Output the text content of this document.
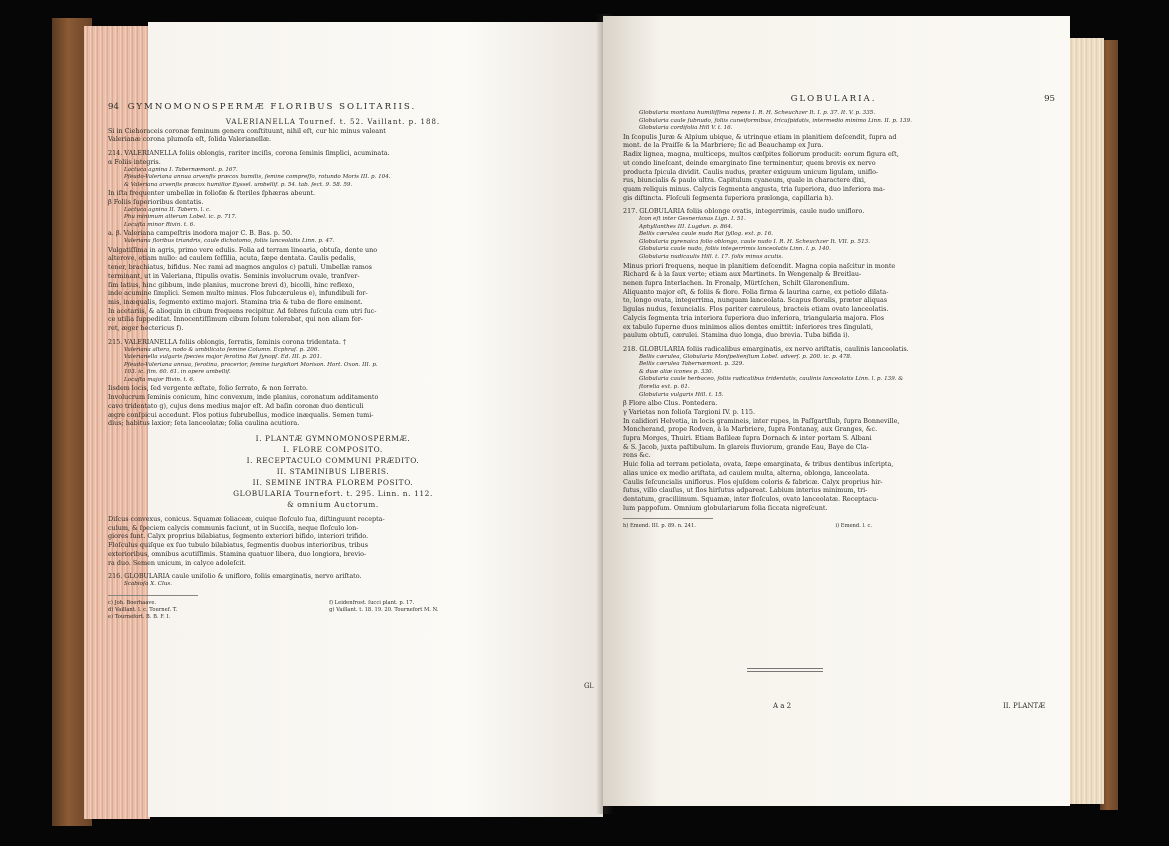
94 GYMNOMONOSPERMÆ FLORIBUS SOLITARIIS.
VALERIANELLA Tournef. t. 52. Vaillant. p. 188.
Si in Ciehoraceis coronæ feminum genera conſtituunt, nihil eſt, cur hic minus valeant
Valerianæ corona plumoſa eſt, ſolida Valerianellæ.
214. VALERIANELLA foliis oblongis, rariter inciſis, corona ſeminis ſimplici, acuminata.
α Foliis integris.
Lactuca agnina I. Tabernæmont. p. 167.
Pſeudo-Valeriana annua arvenſis præcox humilis, ſemine compreſſo, rotundo Moris III. p. 104.
& Valeriana arvenſis præcox humilior Eyssel. umbellif. p. 54. tab. ſect. 9. 58. 59.
In iſta frequenter umbellæ in foliofæ & ſteriles ſphæras abeunt.
β Foliis ſuperioribus dentatis.
Lactuca agnina II. Tabern. l. c.
Phu minimum alterum Lobel. ic. p. 717.
Locuſta minor Rivin. t. 6.
a. β. Valeriana campeſtris inodora major C. B. Bas. p. 50.
Valeriana floribus triandris, caule dichotomo, foliis lanceolatis Linn. p. 47.
Vulgatiſſima in agris, primo vere edulis. Folia ad terram linearia, obtuſa, dente uno
alterove, etiam nullo: ad caulem ſeſſilia, acuta, ſæpe dentata. Caulis pedalis,
tener, brachiatus, bifidus. Nec rami ad magnos angulos c) patuli. Umbellæ ramos
terminant, ut in Valeriana, ſtipulis ovatis. Seminis involucrum ovale, tranſver-
ſim latius, hinc gibbum, inde planius, mucrone brevi d), bicolli, hinc reflexo,
inde acumine ſimplici. Semen multo minus. Flos ſubcæruleus e), infundibuli for-
mis, inæqualis, ſegmento extimo majori. Stamina tria & tuba de flore eminent.
In acetariis, & alioquin in cibum frequens recipitur. Ad febres ſuſcula cum utri ſuc-
ce utilia ſuppeditat. Innocentiſſimum cibum ſolum tolerabat, qui non aliam fer-
ret, æger hectericus f).
215. VALERIANELLA foliis oblongis, ſerratis, ſeminis corona tridentata. †
Valeriana altera, nodo & umbilicato ſemine Column. Ecphraſ. p. 206.
Valerianella vulgaris ſpecies major ſerotina Rai ſynopſ. Ed. III. p. 201.
Pſeudo-Valeriana annua, ſerotina, procerior, ſemine turgidiori Morison. Hort. Oxon. III. p.
103. ic. ſim. 60. 61. in opere umbellif.
Locuſta major Rivin. t. 6.
Iisdem locis, ſed vergente æſtate, folio ſerrato, & non ſerrato.
Involucrum ſeminis conicum, hinc convexum, inde planius, coronatum additamento
cavo tridentato g), cujus dens medius major eſt. Ad baſin coronæ duo denticuli
ægre conſpicui accedunt. Flos potius ſubrubellus, modice inæqualis. Semen tumi-
dius; habitus laxior; ſeta lanceolatæ; ſolia caulina acutiora.
I. PLANTÆ GYMNOMONOSPERMÆ.
I. FLORE COMPOSITO.
I. RECEPTACULO COMMUNI PRÆDITO.
II. STAMINIBUS LIBERIS.
II. SEMINE INTRA FLOREM POSITO.
GLOBULARIA Tournefort. t. 295. Linn. n. 112.
& omnium Auctorum.
Diſcus convexus, conicus. Squamæ ſoliaceæ, cuique ſloſculo ſua, diſtinguunt recepta-
culum, & ſpeciem calycis communis faciunt, ut in Succiſa, neque ſloſculo lon-
giores ſunt. Calyx proprius bilabiatus, ſegmento exteriori bifido, interiori trifido.
Floſculus quiſque ex ſuo tubulo bilabiatus, ſegmentis duobus interioribus, tribus
exterioribus, omnibus acutiſſimis. Stamina quatuor libera, duo longiora, brevio-
ra duo. Semen unicum, in calyce adoleſcit.
216. GLOBULARIA caule uniſolio & unifloro, foliis emarginatis, nervo ariſtato.
Scabioſa X. Clus.
c) Joh. Boerhaave.
d) Vaillant. l. c. Tournef. T.
e) Tournefort. B. B. F. I.

f) Leidenfrost. ſucci plant. p. 17.
g) Vaillant. t. 18. 19. 20. Tournefort M. N.
Gl.
GLOBULARIA.	95
Globularia montana humiliſſima repens I. R. H. Scheuchzer It. I. p. 37. It. V. p. 335.
Globularia caule ſubnudo, foliis cuneiformibus, tricuſpidatis, intermedio minimo Linn. II. p. 139.
Globularia cordifolia Hill V. t. 16.
In ſcopulis Juræ & Alpium ubique, & utrinque etiam in planitiem deſcendit, ſupra ad
mont. de la Praiſſe & la Marbriere; ſic ad Beauchamp ex Jura.
Radix lignea, magna, multiceps, multos cæſpites foliorum producit: eorum figura eſt,
ut condo lineſcant, deinde emarginato ſine terminentur, quem brevis ex nervo
producta ſpicula dividit. Caulis nudus, præter exiguum unicum ligulam, uniflo-
rus, biuncialis & paulo ultra. Capitulum cyaneum, quale in charactere dixi,
quam reliquis minus. Calycis ſegmenta angusta, tria ſuperiora, duo inferiora ma-
gis diſtincta. Floſculi ſegmenta ſuperiora prælonga, capillaria h).
217. GLOBULARIA foliis oblonge ovatis, integerrimis, caule nudo unifloro.
Icon eſt inter Gesnerianas Lign. I. 51.
Aphyllanthes III. Lugdun. p. 864.
Bellis cærulea caule nudo Rai ſyllog. ext. p. 16.
Globularia pyrenaica folio oblongo, caule nudo I. R. H. Scheuchzer It. VII. p. 513.
Globularia caule nudo, foliis integerrimis lanceolatis Linn. l. p. 140.
Globularia nudicaulis Hill. t. 17. ſolis minus acutis.
Minus priori frequens, neque in planitiem deſcendit. Magna copia naſcitur in monte
Richard & à la ſaux verte; etiam aux Martinets. In Wengenalp & Breitlau-
nenen ſupra Interlachen. In Fronalp, Mürtſchen, Schilt Glaronenſium.
Aliquanto major eſt, & foliis & flore. Folia firma & laurina carne, ex petiolo dilata-
to, longo ovata, integerrima, nunquam lanceolata. Scapus floralis, præter aliquas
ligulas nudus, ſexuncialis. Flos pariter cæruleus, bracteis etiam ovato lanceolatis.
Calycis ſegmenta tria interiora ſuperiora duo inferiora, triangularia majora. Flos
ex tabulo ſuperne duos minimos alios dentes emittit: inferiores tres ſingulati,
paulum obtuſi, cærulei. Stamina duo longa, duo brevia. Tuba bifida i).
218. GLOBULARIA foliis radicalibus emarginatis, ex nervo ariſtatis, caulinis lanceolatis.
Bellis cærulea, Globularia Monſpelienſium Lobel. adverſ. p. 200. ic. p. 478.
Bellis cærulea Tabernæmont. p. 329.
& duæ aliæ icones p. 330.
Globularia caule herbaceo, foliis radicalibus tridentatis, caulinis lanceolatis Linn. l. p. 139. &
ſtorelia ext. p. 61.
Globularia vulgaris Hill. t. 15.
β Flore albo Clus. Pontedera.
γ Varietas non folioſa Targioni IV. p. 115.
In calidiori Helvetia, in locis gramineis, inter rupes, in Paſſgartſlub, ſupra Bonneville,
Moncherand, prope Rodven, à la Marbriere, ſupra Fontanay, aux Granges, &c.
ſupra Morges, Thuiri. Etiam Baſileæ ſupra Dornach & inter portam S. Albani
& S. Jacob, juxta paſtibulum. In glareis fluviorum, grande Eau, Baye de Cla-
rens &c.
Huic folia ad terram petiolata, ovata, ſæpe emarginata, & tribus dentibus inſcripta,
alias unice ex medio ariſtata, ad caulem multa, alterna, oblonga, lanceolata.
Caulis ſeſcuncialis uniflorus. Flos ejuſdem coloris & fabricæ. Calyx proprius hir-
ſutus, villo clauſus, ut ſlos hirſutus adpareat. Labium interius minimum, tri-
dentatum, graciliimum. Squamæ, inter floſculos, ovato lanceolatæ. Receptacu-
lum pappoſum. Omnium globulariarum folia ſiccata nigreſcunt.
h) Emend. III. p. 89. n. 241.
	i) Emend. l. c.
A a 2	II. PLANTÆ
